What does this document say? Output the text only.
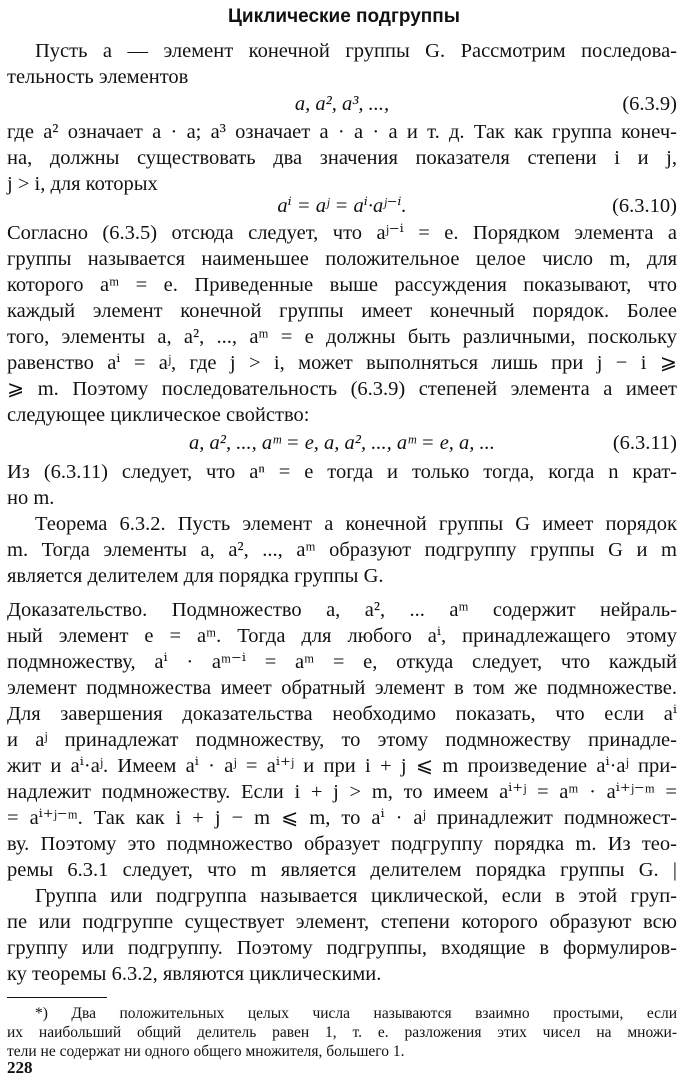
Циклические подгруппы
Пусть a — элемент конечной группы G. Рассмотрим последова-
тельность элементов
a, a², a³, ...,	(6.3.9)
где a² означает a · a; a³ означает a · a · a и т. д. Так как группа конеч-
на, должны существовать два значения показателя степени i и j,
j > i, для которых
aⁱ = aʲ = aⁱ·aʲ⁻ⁱ.	(6.3.10)
Согласно (6.3.5) отсюда следует, что aʲ⁻ⁱ = e. Порядком элемента a
группы называется наименьшее положительное целое число m, для
которого aᵐ = e. Приведенные выше рассуждения показывают, что
каждый элемент конечной группы имеет конечный порядок. Более
того, элементы a, a², ..., aᵐ = e должны быть различными, поскольку
равенство aⁱ = aʲ, где j > i, может выполняться лишь при j − i ⩾
⩾ m. Поэтому последовательность (6.3.9) степеней элемента a имеет
следующее циклическое свойство:
a, a², ..., aᵐ = e, a, a², ..., aᵐ = e, a, ...	(6.3.11)
Из (6.3.11) следует, что aⁿ = e тогда и только тогда, когда n крат-
но m.
Теорема 6.3.2. Пусть элемент a конечной группы G имеет порядок
m. Тогда элементы a, a², ..., aᵐ образуют подгруппу группы G и m
является делителем для порядка группы G.
Доказательство. Подмножество a, a², ... aᵐ содержит нейраль-
ный элемент e = aᵐ. Тогда для любого aⁱ, принадлежащего этому
подмножеству, aⁱ · aᵐ⁻ⁱ = aᵐ = e, откуда следует, что каждый
элемент подмножества имеет обратный элемент в том же подмножестве.
Для завершения доказательства необходимо показать, что если aⁱ
и aʲ принадлежат подмножеству, то этому подмножеству принадле-
жит и aⁱ·aʲ. Имеем aⁱ · aʲ = aⁱ⁺ʲ и при i + j ⩽ m произведение aⁱ·aʲ при-
надлежит подмножеству. Если i + j > m, то имеем aⁱ⁺ʲ = aᵐ · aⁱ⁺ʲ⁻ᵐ =
= aⁱ⁺ʲ⁻ᵐ. Так как i + j − m ⩽ m, то aⁱ · aʲ принадлежит подмножест-
ву. Поэтому это подмножество образует подгруппу порядка m. Из тео-
ремы 6.3.1 следует, что m является делителем порядка группы G. |
Группа или подгруппа называется циклической, если в этой груп-
пе или подгруппе существует элемент, степени которого образуют всю
группу или подгруппу. Поэтому подгруппы, входящие в формулиров-
ку теоремы 6.3.2, являются циклическими.
*) Два положительных целых числа называются взаимно простыми, если
их наибольший общий делитель равен 1, т. е. разложения этих чисел на множи-
тели не содержат ни одного общего множителя, большего 1.
228
